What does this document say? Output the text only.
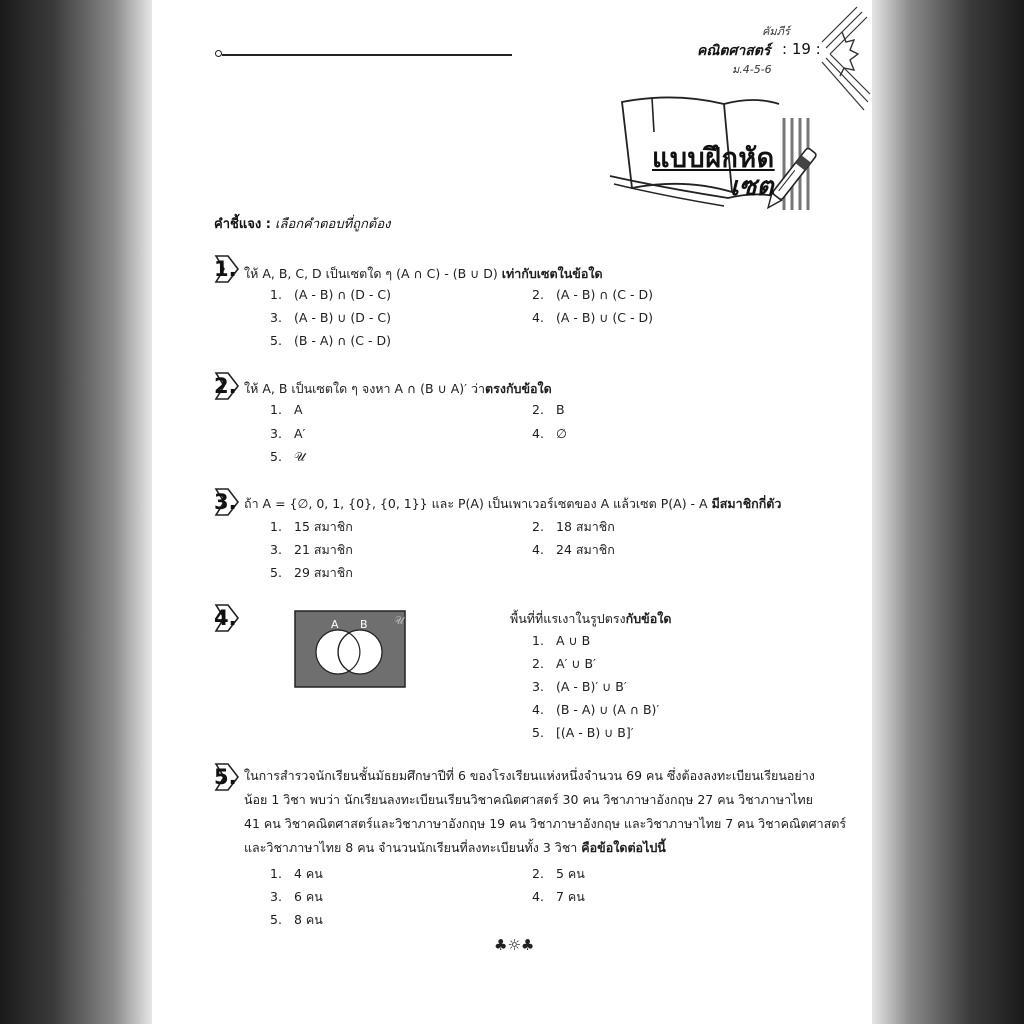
คัมภีร์
คณิตศาสตร์
ม.4-5-6
: 19 :
แบบฝึกหัด
เซต
คำชี้แจง : เลือกคำตอบที่ถูกต้อง
1. ให้ A, B, C, D เป็นเซตใด ๆ (A ∩ C) - (B ∪ D) เท่ากับเซตในข้อใด
1. (A - B) ∩ (D - C)	2. (A - B) ∩ (C - D)
3. (A - B) ∪ (D - C)	4. (A - B) ∪ (C - D)
5. (B - A) ∩ (C - D)
2. ให้ A, B เป็นเซตใด ๆ จงหา A ∩ (B ∪ A)′ ว่าตรงกับข้อใด
1. A	2. B
3. A′	4. ∅
5. 𝒰
3. ถ้า A = {∅, 0, 1, {0}, {0, 1}} และ P(A) เป็นเพาเวอร์เซตของ A แล้วเซต P(A) - A มีสมาชิกกี่ตัว
1. 15 สมาชิก	2. 18 สมาชิก
3. 21 สมาชิก	4. 24 สมาชิก
5. 29 สมาชิก
4.	A B 𝒰	พื้นที่ที่แรเงาในรูปตรงกับข้อใด
1. A ∪ B
2. A′ ∪ B′
3. (A - B)′ ∪ B′
4. (B - A) ∪ (A ∩ B)′
5. [(A - B) ∪ B]′
5. ในการสำรวจนักเรียนชั้นมัธยมศึกษาปีที่ 6 ของโรงเรียนแห่งหนึ่งจำนวน 69 คน ซึ่งต้องลงทะเบียนเรียนอย่าง
น้อย 1 วิชา พบว่า นักเรียนลงทะเบียนเรียนวิชาคณิตศาสตร์ 30 คน วิชาภาษาอังกฤษ 27 คน วิชาภาษาไทย
41 คน วิชาคณิตศาสตร์และวิชาภาษาอังกฤษ 19 คน วิชาภาษาอังกฤษ และวิชาภาษาไทย 7 คน วิชาคณิตศาสตร์
และวิชาภาษาไทย 8 คน จำนวนนักเรียนที่ลงทะเบียนทั้ง 3 วิชา คือข้อใดต่อไปนี้
1. 4 คน	2. 5 คน
3. 6 คน	4. 7 คน
5. 8 คน
♣☼♣
